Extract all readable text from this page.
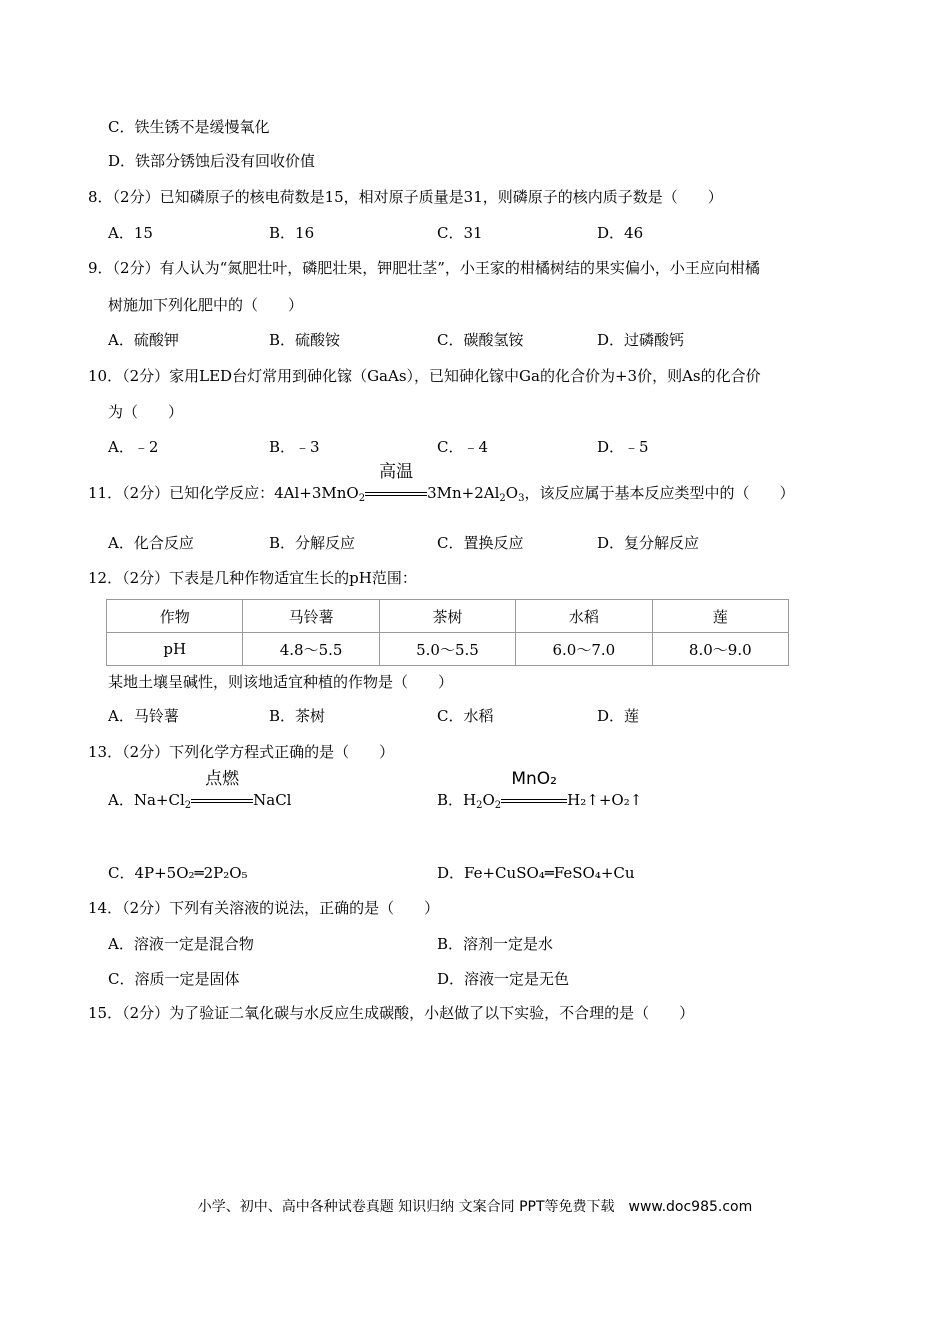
C．铁生锈不是缓慢氧化
D．铁部分锈蚀后没有回收价值
8．（2分）已知磷原子的核电荷数是15，相对原子质量是31，则磷原子的核内质子数是（　　）
A．15	B．16	C．31	D．46
9．（2分）有人认为“氮肥壮叶，磷肥壮果，钾肥壮茎”，小王家的柑橘树结的果实偏小，小王应向柑橘
树施加下列化肥中的（　　）
A．硫酸钾	B．硫酸铵	C．碳酸氢铵	D．过磷酸钙
10．（2分）家用LED台灯常用到砷化镓（GaAs），已知砷化镓中Ga的化合价为+3价，则As的化合价
为（　　）
A．﹣2	B．﹣3	C．﹣4	D．﹣5
11．（2分）已知化学反应：4Al+3MnO$_2$
高温
$3Mn+2Al_2O_3$，该反应属于基本反应类型中的（　　）
A．化合反应	B．分解反应	C．置换反应	D．复分解反应
12．（2分）下表是几种作物适宜生长的pH范围：
作物	马铃薯	茶树	水稻	莲
pH	4.8～5.5	5.0～5.5	6.0～7.0	8.0～9.0
某地土壤呈碱性，则该地适宜种植的作物是（　　）
A．马铃薯	B．茶树	C．水稻	D．莲
13．（2分）下列化学方程式正确的是（　　）
A．$Na+Cl_2$
点燃
NaCl	B．$H_2O_2$
MnO₂
H₂↑+O₂↑
C．4P+5O₂═2P₂O₅	D．Fe+CuSO₄═FeSO₄+Cu
14．（2分）下列有关溶液的说法，正确的是（　　）
A．溶液一定是混合物	B．溶剂一定是水
C．溶质一定是固体	D．溶液一定是无色
15．（2分）为了验证二氧化碳与水反应生成碳酸，小赵做了以下实验，不合理的是（　　）
小学、初中、高中各种试卷真题 知识归纳 文案合同 PPT等免费下载　www.doc985.com
